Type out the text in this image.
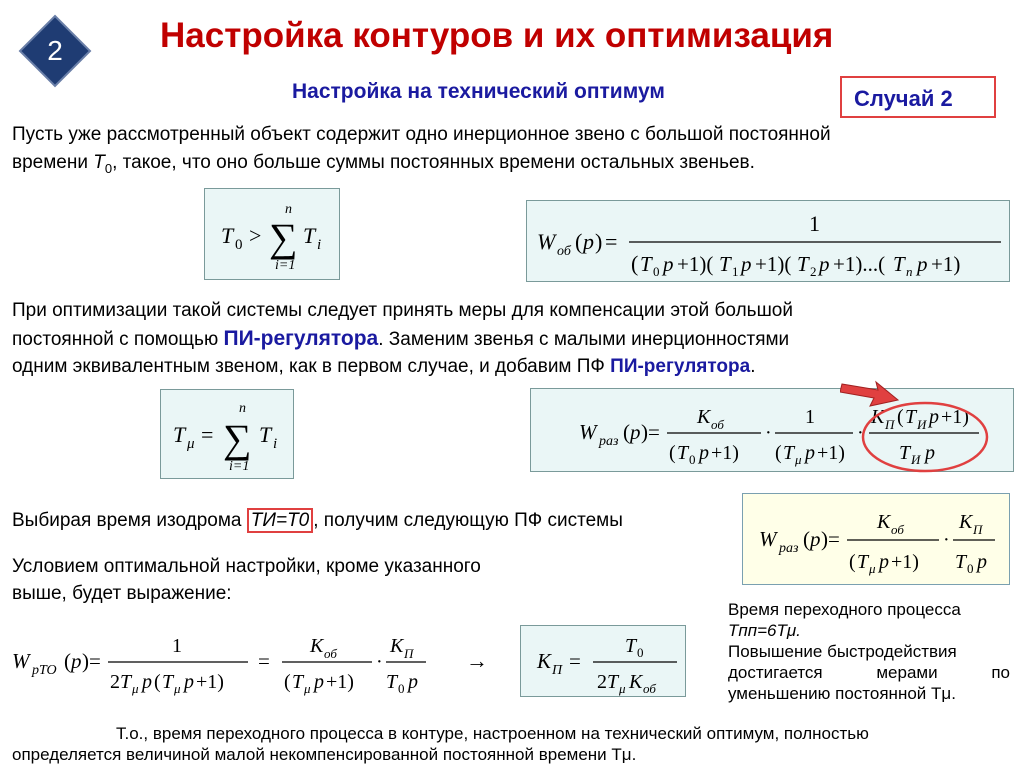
2	Настройка контуров и их оптимизация
Настройка на технический оптимум	Случай 2
Пусть уже рассмотренный объект содержит одно инерционное звено с большой постоянной
времени $T_0$, такое, что оно больше суммы постоянных времени остальных звеньев.
T 0 > ∑
n
i=1
T i	W об ( p ) =
1
( T 0 p +1)( T 1 p +1)( T 2 p +1)...( T n p +1)
При оптимизации такой системы следует принять меры для компенсации этой большой
постоянной с помощью ПИ-регулятора. Заменим звенья с малыми инерционностями
одним эквивалентным звеном, как в первом случае, и добавим ПФ ПИ-регулятора.
T μ = ∑
n
i=1
T i	W раз ( p )=
K об
( T 0 p +1)
·
1
( T μ p +1)
·
K П ( T И p +1)
T И p
Выбирая время изодрома TИ=T0 , получим следующую ПФ системы
W раз ( p )=
K об
( T μ p +1)
·
K П
T 0 p
Условием оптимальной настройки, кроме указанного
выше, будет выражение:
W pTO ( p )=
1
2 T μ p ( T μ p +1)
=
K об
( T μ p +1)
·
K П
T 0 p
→ K П =
T 0
2 T μ K об
Время переходного процесса
Tпп=6Tμ.
Повышение быстродействия
достигается мерами по
уменьшению постоянной Tμ.
Т.о., время переходного процесса в контуре, настроенном на технический оптимум, полностью
определяется величиной малой некомпенсированной постоянной времени Tμ.
